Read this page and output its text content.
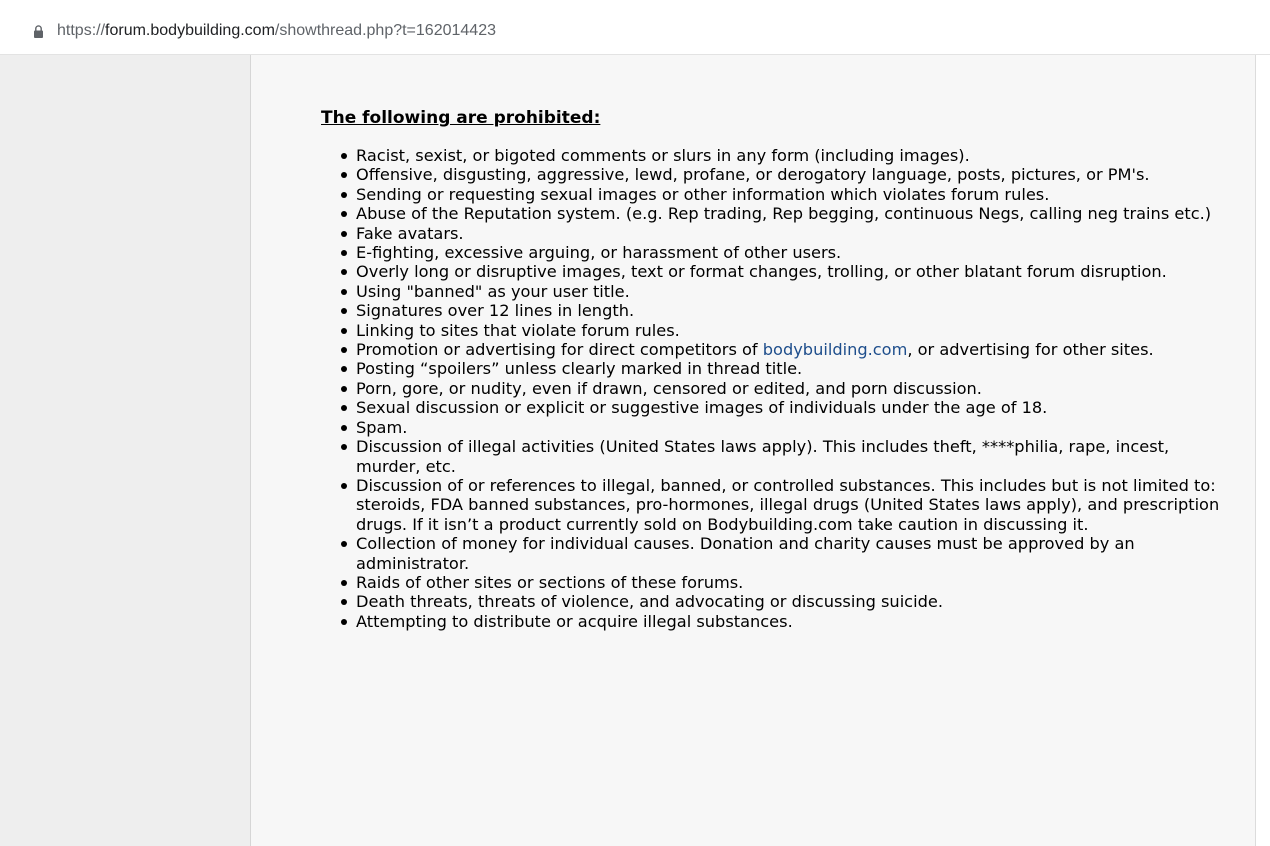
https:// forum.bodybuilding.com /showthread.php?t=162014423
The following are prohibited:
Racist, sexist, or bigoted comments or slurs in any form (including images).
Offensive, disgusting, aggressive, lewd, profane, or derogatory language, posts, pictures, or PM's.
Sending or requesting sexual images or other information which violates forum rules.
Abuse of the Reputation system. (e.g. Rep trading, Rep begging, continuous Negs, calling neg trains etc.)
Fake avatars.
E-fighting, excessive arguing, or harassment of other users.
Overly long or disruptive images, text or format changes, trolling, or other blatant forum disruption.
Using "banned" as your user title.
Signatures over 12 lines in length.
Linking to sites that violate forum rules.
Promotion or advertising for direct competitors of bodybuilding.com, or advertising for other sites.
Posting “spoilers” unless clearly marked in thread title.
Porn, gore, or nudity, even if drawn, censored or edited, and porn discussion.
Sexual discussion or explicit or suggestive images of individuals under the age of 18.
Spam.
Discussion of illegal activities (United States laws apply). This includes theft, ****philia, rape, incest, murder, etc.
Discussion of or references to illegal, banned, or controlled substances. This includes but is not limited to: steroids, FDA banned substances, pro-hormones, illegal drugs (United States laws apply), and prescription drugs. If it isn’t a product currently sold on Bodybuilding.com take caution in discussing it.
Collection of money for individual causes. Donation and charity causes must be approved by an administrator.
Raids of other sites or sections of these forums.
Death threats, threats of violence, and advocating or discussing suicide.
Attempting to distribute or acquire illegal substances.
